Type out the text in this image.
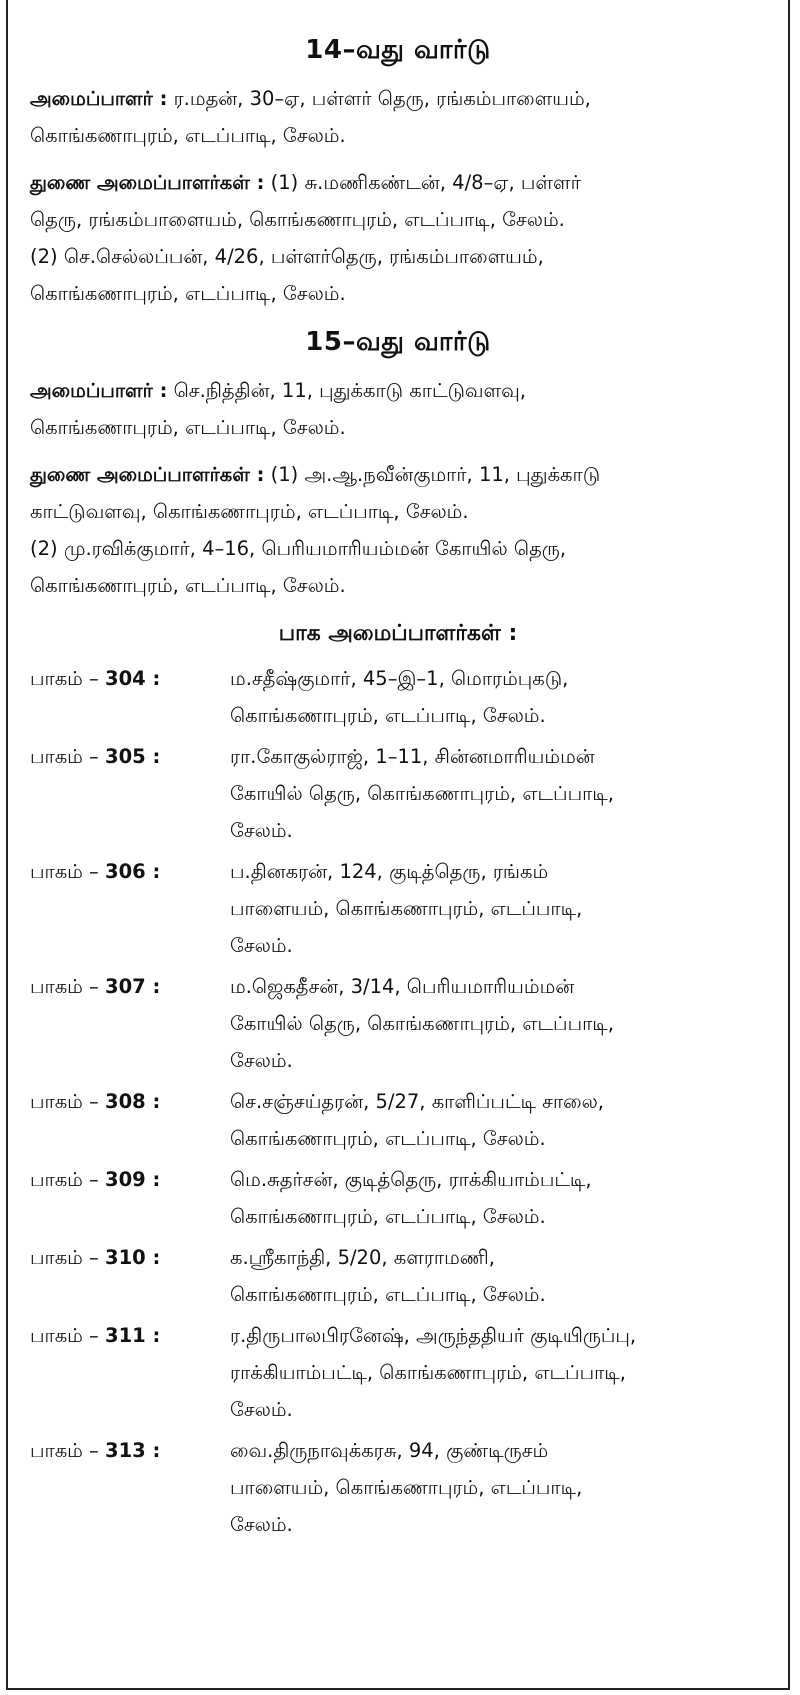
14–வது வார்டு
அமைப்பாளர் : ர.மதன், 30–ஏ, பள்ளர் தெரு, ரங்கம்பாளையம்,
கொங்கணாபுரம், எடப்பாடி, சேலம்.
துணை அமைப்பாளர்கள் : (1) சு.மணிகண்டன், 4/8–ஏ, பள்ளர்
தெரு, ரங்கம்பாளையம், கொங்கணாபுரம், எடப்பாடி, சேலம்.
(2) செ.செல்லப்பன், 4/26, பள்ளர்தெரு, ரங்கம்பாளையம்,
கொங்கணாபுரம், எடப்பாடி, சேலம்.
15–வது வார்டு
அமைப்பாளர் : செ.நித்தின், 11, புதுக்காடு காட்டுவளவு,
கொங்கணாபுரம், எடப்பாடி, சேலம்.
துணை அமைப்பாளர்கள் : (1) அ.ஆ.நவீன்குமார், 11, புதுக்காடு
காட்டுவளவு, கொங்கணாபுரம், எடப்பாடி, சேலம்.
(2) மு.ரவிக்குமார், 4–16, பெரியமாரியம்மன் கோயில் தெரு,
கொங்கணாபுரம், எடப்பாடி, சேலம்.
பாக அமைப்பாளர்கள் :
பாகம் – 304 :	ம.சதீஷ்குமார், 45–இ–1, மொரம்புகடு,
கொங்கணாபுரம், எடப்பாடி, சேலம்.
பாகம் – 305 :	ரா.கோகுல்ராஜ், 1–11, சின்னமாரியம்மன்
கோயில் தெரு, கொங்கணாபுரம், எடப்பாடி,
சேலம்.
பாகம் – 306 :	ப.தினகரன், 124, குடித்தெரு, ரங்கம்
பாளையம், கொங்கணாபுரம், எடப்பாடி,
சேலம்.
பாகம் – 307 :	ம.ஜெகதீசன், 3/14, பெரியமாரியம்மன்
கோயில் தெரு, கொங்கணாபுரம், எடப்பாடி,
சேலம்.
பாகம் – 308 :	செ.சஞ்சய்தரன், 5/27, காளிப்பட்டி சாலை,
கொங்கணாபுரம், எடப்பாடி, சேலம்.
பாகம் – 309 :	மெ.சுதர்சன், குடித்தெரு, ராக்கியாம்பட்டி,
கொங்கணாபுரம், எடப்பாடி, சேலம்.
பாகம் – 310 :	க.ஸ்ரீகாந்தி, 5/20, களராமணி,
கொங்கணாபுரம், எடப்பாடி, சேலம்.
பாகம் – 311 :	ர.திருபாலபிரனேஷ், அருந்ததியர் குடியிருப்பு,
ராக்கியாம்பட்டி, கொங்கணாபுரம், எடப்பாடி,
சேலம்.
பாகம் – 313 :	வை.திருநாவுக்கரசு, 94, குண்டிருசம்
பாளையம், கொங்கணாபுரம், எடப்பாடி,
சேலம்.
